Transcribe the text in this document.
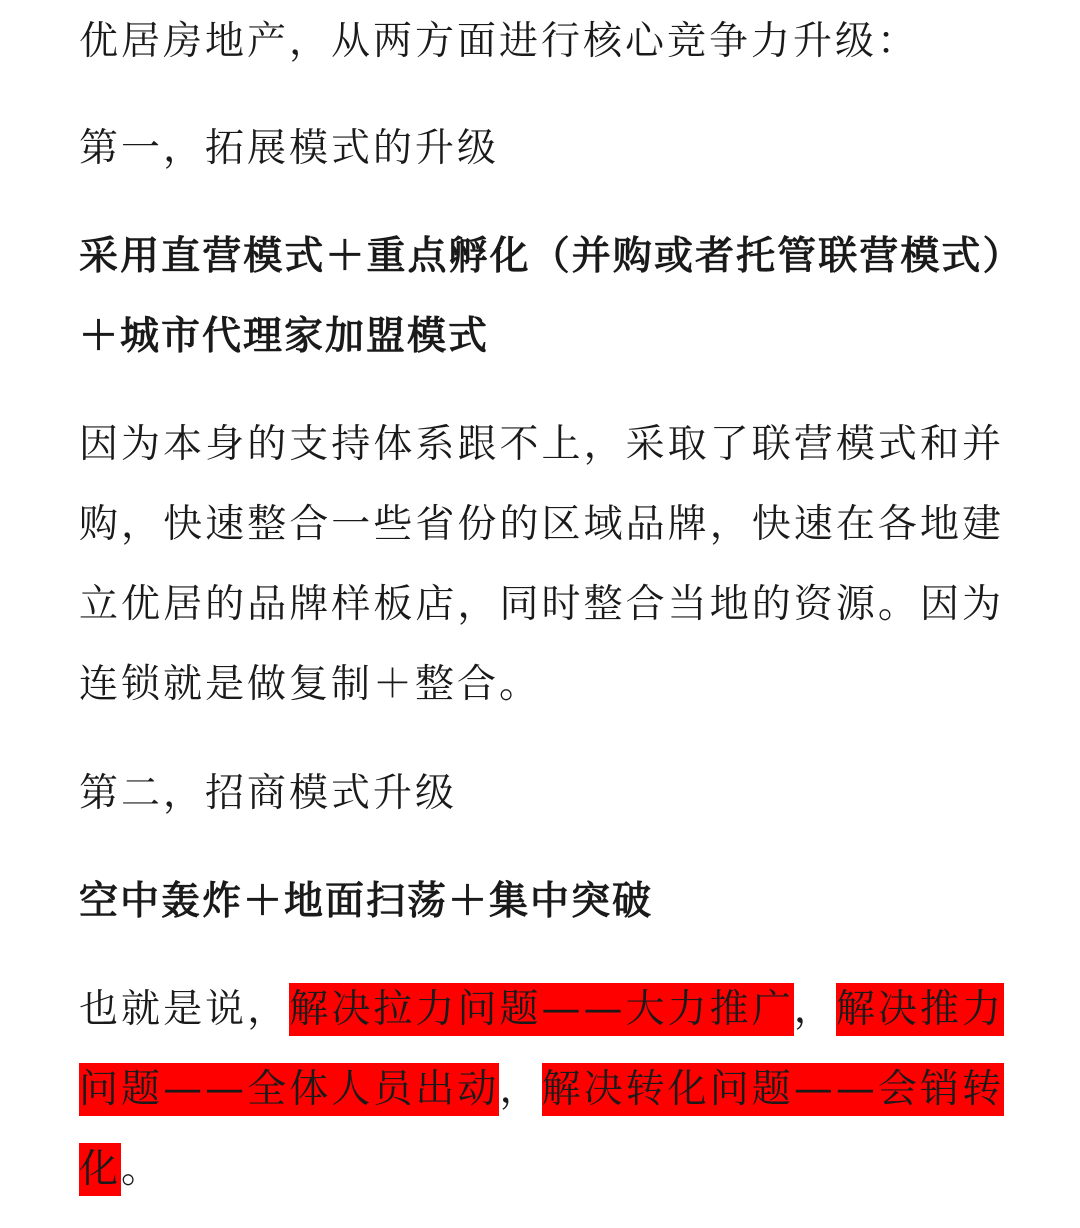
优居房地产，从两方面进行核心竞争力升级：

第一，拓展模式的升级

采用直营模式＋重点孵化（并购或者托管联营模式）＋城市代理家加盟模式

因为本身的支持体系跟不上，采取了联营模式和并购，快速整合一些省份的区域品牌，快速在各地建立优居的品牌样板店，同时整合当地的资源。因为连锁就是做复制＋整合。

第二，招商模式升级

空中轰炸＋地面扫荡＋集中突破

也就是说，解决拉力问题——大力推广，解决推力问题——全体人员出动，解决转化问题——会销转化。
